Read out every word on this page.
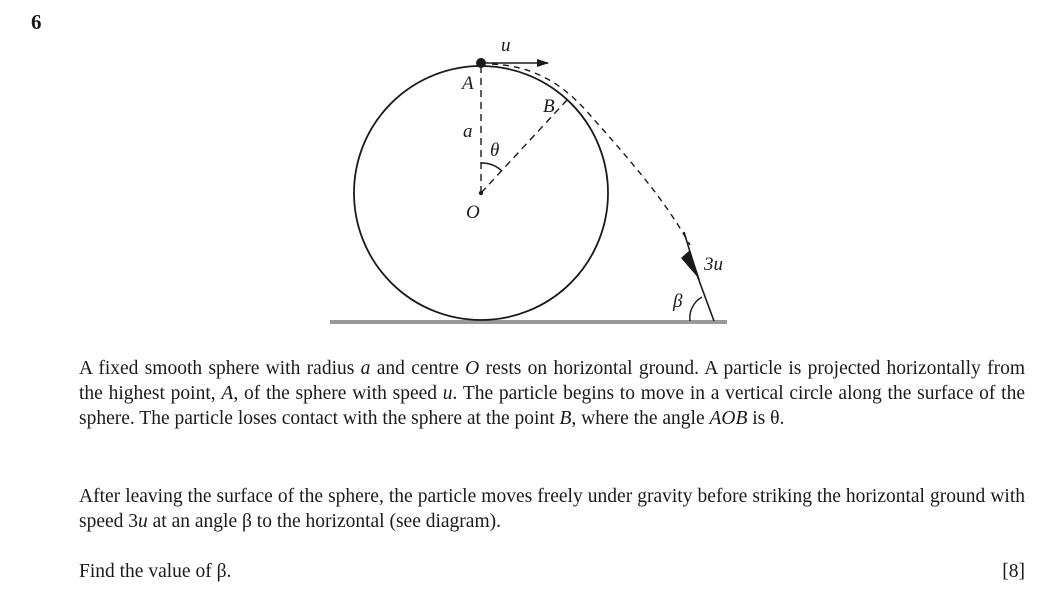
6
u
A
B
a
θ
O
3u
β

A fixed smooth sphere with radius a and centre O rests on horizontal ground. A particle is projected horizontally from the highest point, A, of the sphere with speed u. The particle begins to move in a vertical circle along the surface of the sphere. The particle loses contact with the sphere at the point B, where the angle AOB is θ.

After leaving the surface of the sphere, the particle moves freely under gravity before striking the horizontal ground with speed 3u at an angle β to the horizontal (see diagram).

Find the value of β.	[8]
